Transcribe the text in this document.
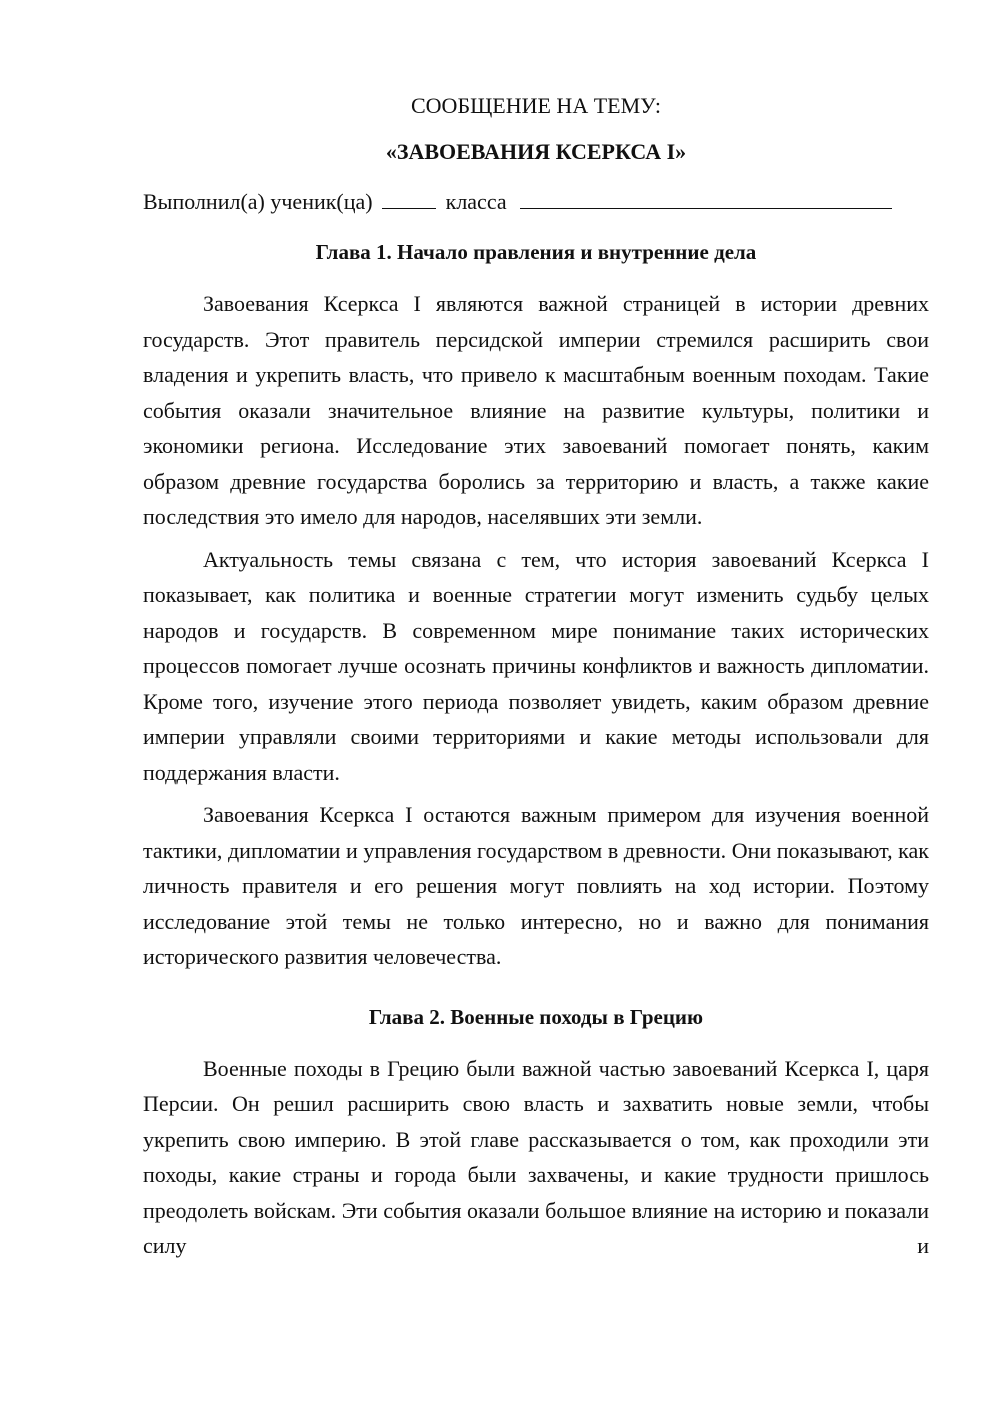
СООБЩЕНИЕ НА ТЕМУ:

«ЗАВОЕВАНИЯ КСЕРКСА I»

Выполнил(а) ученик(ца)	класса

Глава 1. Начало правления и внутренние дела

Завоевания Ксеркса I являются важной страницей в истории древних государств. Этот правитель персидской империи стремился расширить свои владения и укрепить власть, что привело к масштабным военным походам. Такие события оказали значительное влияние на развитие культуры, политики и экономики региона. Исследование этих завоеваний помогает понять, каким образом древние государства боролись за территорию и власть, а также какие последствия это имело для народов, населявших эти земли.

Актуальность темы связана с тем, что история завоеваний Ксеркса I показывает, как политика и военные стратегии могут изменить судьбу целых народов и государств. В современном мире понимание таких исторических процессов помогает лучше осознать причины конфликтов и важность дипломатии. Кроме того, изучение этого периода позволяет увидеть, каким образом древние империи управляли своими территориями и какие методы использовали для поддержания власти.

Завоевания Ксеркса I остаются важным примером для изучения военной тактики, дипломатии и управления государством в древности. Они показывают, как личность правителя и его решения могут повлиять на ход истории. Поэтому исследование этой темы не только интересно, но и важно для понимания исторического развития человечества.

Глава 2. Военные походы в Грецию

Военные походы в Грецию были важной частью завоеваний Ксеркса I, царя Персии. Он решил расширить свою власть и захватить новые земли, чтобы укрепить свою империю. В этой главе рассказывается о том, как проходили эти походы, какие страны и города были захвачены, и какие трудности пришлось преодолеть войскам. Эти события оказали большое влияние на историю и показали силу и
